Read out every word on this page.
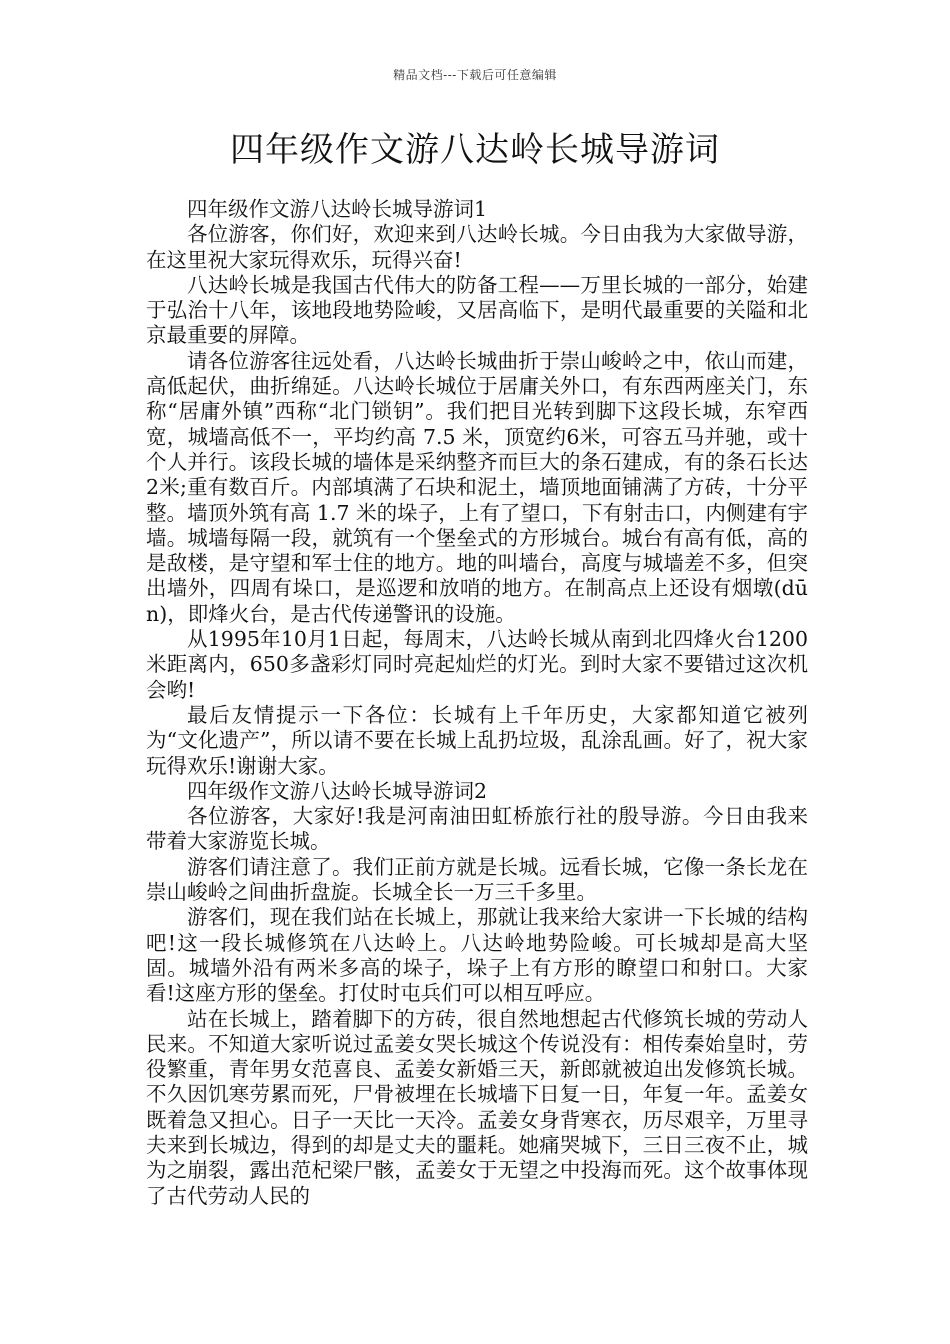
精品文档---下载后可任意编辑
四年级作文游八达岭长城导游词

四年级作文游八达岭长城导游词1

各位游客，你们好，欢迎来到八达岭长城。今日由我为大家做导游，在这里祝大家玩得欢乐，玩得兴奋!

八达岭长城是我国古代伟大的防备工程——万里长城的一部分，始建于弘治十八年，该地段地势险峻，又居高临下，是明代最重要的关隘和北京最重要的屏障。

请各位游客往远处看，八达岭长城曲折于崇山峻岭之中，依山而建，高低起伏，曲折绵延。八达岭长城位于居庸关外口，有东西两座关门，东称“居庸外镇”西称“北门锁钥”。我们把目光转到脚下这段长城，东窄西宽，城墙高低不一，平均约高 7.5 米，顶宽约6米，可容五马并驰，或十个人并行。该段长城的墙体是采纳整齐而巨大的条石建成，有的条石长达2米;重有数百斤。内部填满了石块和泥土，墙顶地面铺满了方砖，十分平整。墙顶外筑有高 1.7 米的垛子，上有了望口，下有射击口，内侧建有宇墙。城墙每隔一段，就筑有一个堡垒式的方形城台。城台有高有低，高的是敌楼，是守望和军士住的地方。地的叫墙台，高度与城墙差不多，但突出墙外，四周有垛口，是巡逻和放哨的地方。在制高点上还设有烟墩(dūn)，即烽火台，是古代传递警讯的设施。

从1995年10月1日起，每周末，八达岭长城从南到北四烽火台1200米距离内，650多盏彩灯同时亮起灿烂的灯光。到时大家不要错过这次机会哟!

最后友情提示一下各位：长城有上千年历史，大家都知道它被列为“文化遗产”，所以请不要在长城上乱扔垃圾，乱涂乱画。好了，祝大家玩得欢乐!谢谢大家。

四年级作文游八达岭长城导游词2

各位游客，大家好!我是河南油田虹桥旅行社的殷导游。今日由我来带着大家游览长城。

游客们请注意了。我们正前方就是长城。远看长城，它像一条长龙在崇山峻岭之间曲折盘旋。长城全长一万三千多里。

游客们，现在我们站在长城上，那就让我来给大家讲一下长城的结构吧!这一段长城修筑在八达岭上。八达岭地势险峻。可长城却是高大坚固。城墙外沿有两米多高的垛子，垛子上有方形的瞭望口和射口。大家看!这座方形的堡垒。打仗时屯兵们可以相互呼应。

站在长城上，踏着脚下的方砖，很自然地想起古代修筑长城的劳动人民来。不知道大家听说过孟姜女哭长城这个传说没有：相传秦始皇时，劳役繁重，青年男女范喜良、孟姜女新婚三天，新郎就被迫出发修筑长城。不久因饥寒劳累而死，尸骨被埋在长城墙下日复一日，年复一年。孟姜女既着急又担心。日子一天比一天冷。孟姜女身背寒衣，历尽艰辛，万里寻夫来到长城边，得到的却是丈夫的噩耗。她痛哭城下，三日三夜不止，城为之崩裂，露出范杞梁尸骸，孟姜女于无望之中投海而死。这个故事体现了古代劳动人民的
